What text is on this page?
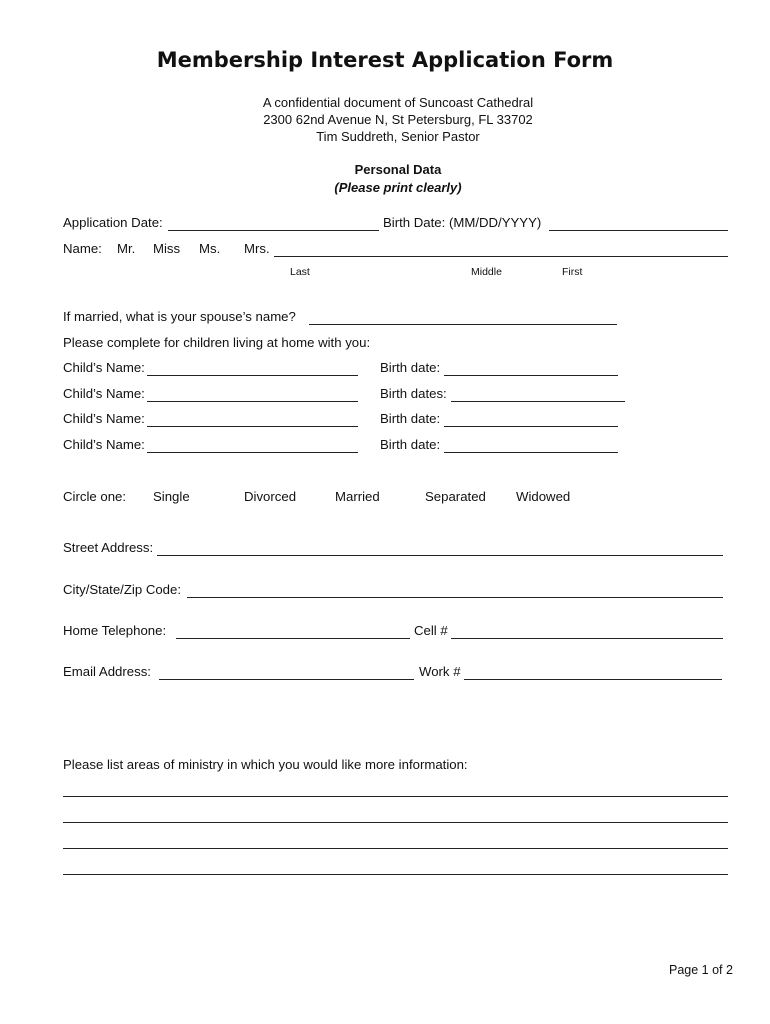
Membership Interest Application Form
A confidential document of Suncoast Cathedral
2300 62nd Avenue N, St Petersburg, FL 33702
Tim Suddreth, Senior Pastor
Personal Data
(Please print clearly)
Application Date:	Birth Date: (MM/DD/YYYY)
Name: Mr. Miss Ms. Mrs.
Last	Middle	First
If married, what is your spouse’s name?
Please complete for children living at home with you:
Child’s Name:	Birth date:
Child’s Name:	Birth dates:
Child’s Name:	Birth date:
Child’s Name:	Birth date:
Circle one: Single	Divorced	Married	Separated Widowed
Street Address:
City/State/Zip Code:
Home Telephone:	Cell #
Email Address:	Work #
Please list areas of ministry in which you would like more information:
Page 1 of 2
